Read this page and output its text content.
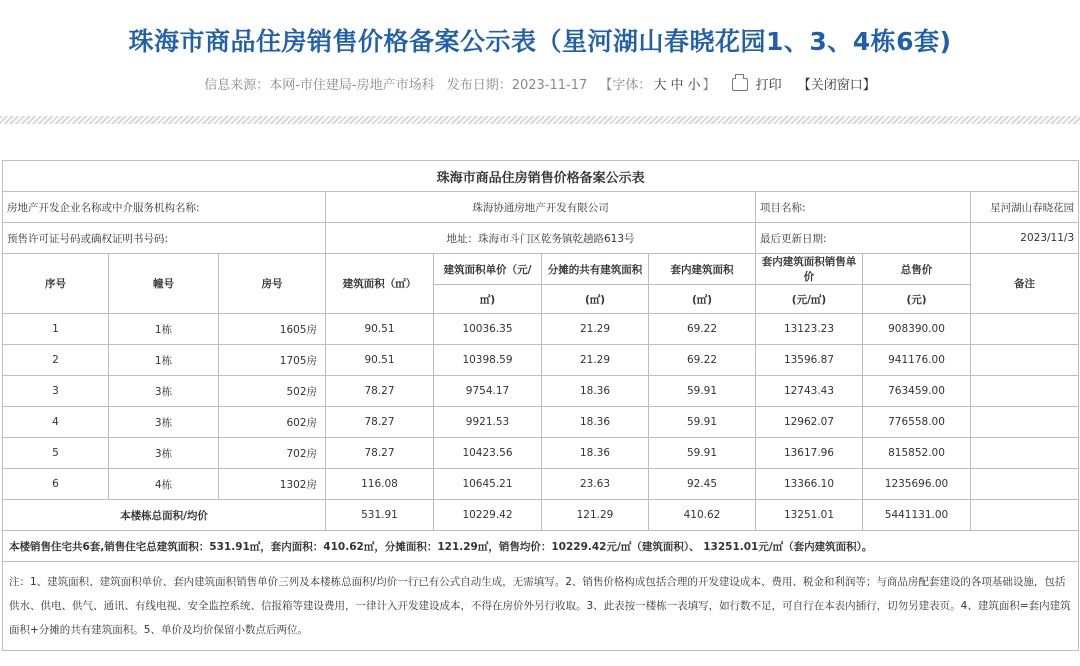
珠海市商品住房销售价格备案公示表（星河湖山春晓花园1、3、4栋6套)
信息来源：本网-市住建局-房地产市场科 发布日期：2023-11-17 【字体： 大 中 小 】	打印 【关闭窗口】
珠海市商品住房销售价格备案公示表									
房地产开发企业名称或中介服务机构名称:			珠海协通房地产开发有限公司				项目名称:		星河湖山春晓花园
预售许可证号码或确权证明书号码:			地址：珠海市斗门区乾务镇乾趟路613号				最后更新日期:		2023/11/3
序号	幢号	房号	建筑面积（㎡）	建筑面积单价（元/	分摊的共有建筑面积	套内建筑面积	套内建筑面积销售单价	总售价	备注
				㎡)	(㎡)	(㎡)	(元/㎡)	(元)	
1	1栋	1605房	90.51	10036.35	21.29	69.22	13123.23	908390.00	
2	1栋	1705房	90.51	10398.59	21.29	69.22	13596.87	941176.00	
3	3栋	502房	78.27	9754.17	18.36	59.91	12743.43	763459.00	
4	3栋	602房	78.27	9921.53	18.36	59.91	12962.07	776558.00	
5	3栋	702房	78.27	10423.56	18.36	59.91	13617.96	815852.00	
6	4栋	1302房	116.08	10645.21	23.63	92.45	13366.10	1235696.00	
本楼栋总面积/均价			531.91	10229.42	121.29	410.62	13251.01	5441131.00	
本楼销售住宅共6套,销售住宅总建筑面积：531.91㎡，套内面积：410.62㎡，分摊面积：121.29㎡，销售均价：10229.42元/㎡（建筑面积）、 13251.01元/㎡（套内建筑面积）。									
注：1、建筑面积、建筑面积单价、套内建筑面积销售单价三列及本楼栋总面积/均价一行已有公式自动生成，无需填写。2、销售价格构成包括合理的开发建设成本、费用、税金和利润等；与商品房配套建设的各项基础设施，包括供水、供电、供气、通讯、有线电视、安全监控系统、信报箱等建设费用，一律计入开发建设成本，不得在房价外另行收取。3、此表按一楼栋一表填写，如行数不足，可自行在本表内插行，切勿另建表页。4、建筑面积=套内建筑面积+分摊的共有建筑面积。5、单价及均价保留小数点后两位。									
